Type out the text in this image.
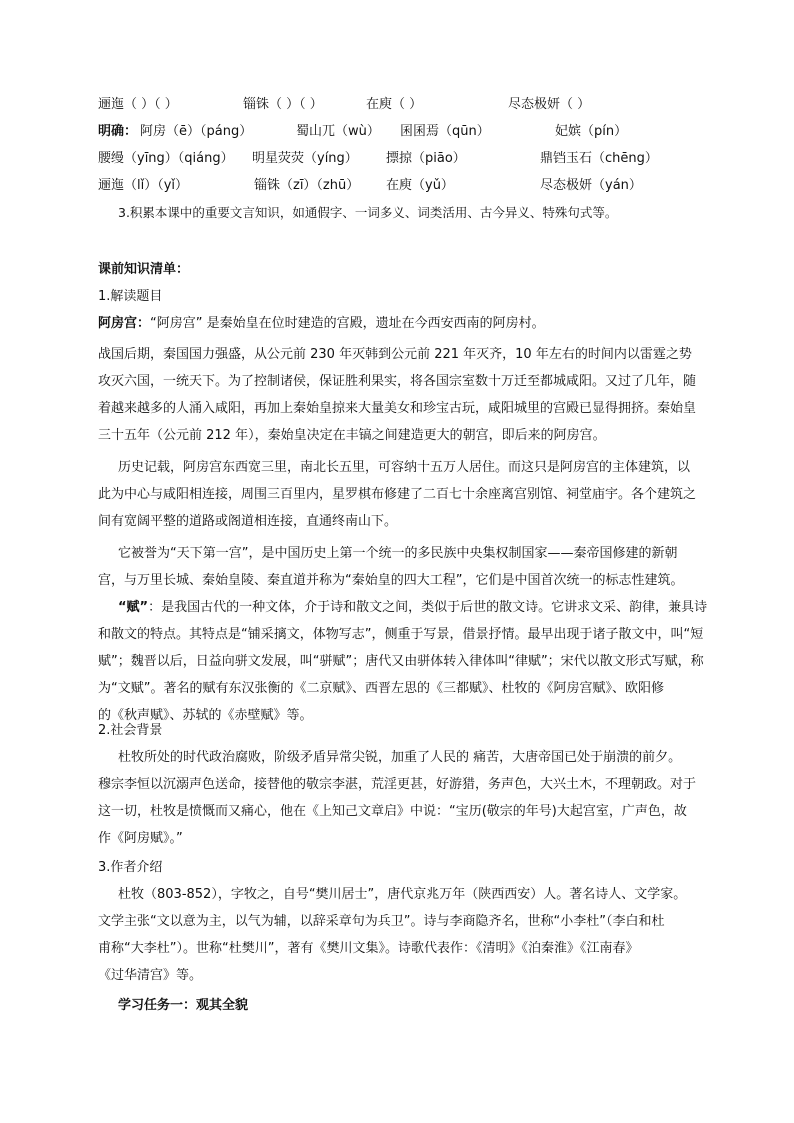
逦迤（ ）（ ）	锱铢（ ）（ ）	在庾（ ）	尽态极妍（ ）
明确： 阿房（ē）（páng）	蜀山兀（wù） 囷囷焉（qūn）	妃嫔（pín）
腰缦（yīng）（qiáng） 明星荧荧（yíng） 摽掠（piāo）	鼎铛玉石（chēng）
逦迤（lǐ）（yǐ）	锱铢（zī）（zhū） 在庾（yǔ）	尽态极妍（yán）
3.积累本课中的重要文言知识，如通假字、一词多义、词类活用、古今异义、特殊句式等。
课前知识清单：
1.解读题目
阿房宫：“阿房宫” 是秦始皇在位时建造的宫殿，遗址在今西安西南的阿房村。
战国后期，秦国国力强盛，从公元前 230 年灭韩到公元前 221 年灭齐，10 年左右的时间内以雷霆之势
攻灭六国，一统天下。为了控制诸侯，保证胜利果实，将各国宗室数十万迁至都城咸阳。又过了几年，随
着越来越多的人涌入咸阳，再加上秦始皇掠来大量美女和珍宝古玩，咸阳城里的宫殿已显得拥挤。秦始皇
三十五年（公元前 212 年），秦始皇决定在丰镐之间建造更大的朝宫，即后来的阿房宫。
历史记载，阿房宫东西宽三里，南北长五里，可容纳十五万人居住。而这只是阿房宫的主体建筑，以
此为中心与咸阳相连接，周围三百里内，星罗棋布修建了二百七十余座离宫别馆、祠堂庙宇。各个建筑之
间有宽阔平整的道路或阁道相连接，直通终南山下。
它被誉为“天下第一宫”，是中国历史上第一个统一的多民族中央集权制国家——秦帝国修建的新朝
宫，与万里长城、秦始皇陵、秦直道并称为“秦始皇的四大工程”，它们是中国首次统一的标志性建筑。
“赋”：是我国古代的一种文体，介于诗和散文之间，类似于后世的散文诗。它讲求文采、韵律，兼具诗
和散文的特点。其特点是“铺采摛文，体物写志”，侧重于写景，借景抒情。最早出现于诸子散文中，叫“短
赋”；魏晋以后，日益向骈文发展，叫“骈赋”；唐代又由骈体转入律体叫“律赋”；宋代以散文形式写赋，称
为“文赋”。著名的赋有东汉张衡的《二京赋》、西晋左思的《三都赋》、杜牧的《阿房宫赋》、欧阳修
的《秋声赋》、苏轼的《赤壁赋》等。
2.社会背景
杜牧所处的时代政治腐败，阶级矛盾异常尖锐，加重了人民的 痛苦，大唐帝国已处于崩溃的前夕。
穆宗李恒以沉溺声色送命，接替他的敬宗李湛，荒淫更甚，好游猎，务声色，大兴土木，不理朝政。对于
这一切，杜牧是愤慨而又痛心，他在《上知己文章启》中说：“宝历(敬宗的年号)大起宫室，广声色，故
作《阿房赋》。”
3.作者介绍
杜牧（803-852），字牧之，自号“樊川居士”，唐代京兆万年（陕西西安）人。著名诗人、文学家。
文学主张“文以意为主，以气为辅，以辞采章句为兵卫”。诗与李商隐齐名，世称“小李杜”（李白和杜
甫称“大李杜”）。世称“杜樊川”，著有《樊川文集》。诗歌代表作：《清明》《泊秦淮》《江南春》
《过华清宫》等。
学习任务一：观其全貌
